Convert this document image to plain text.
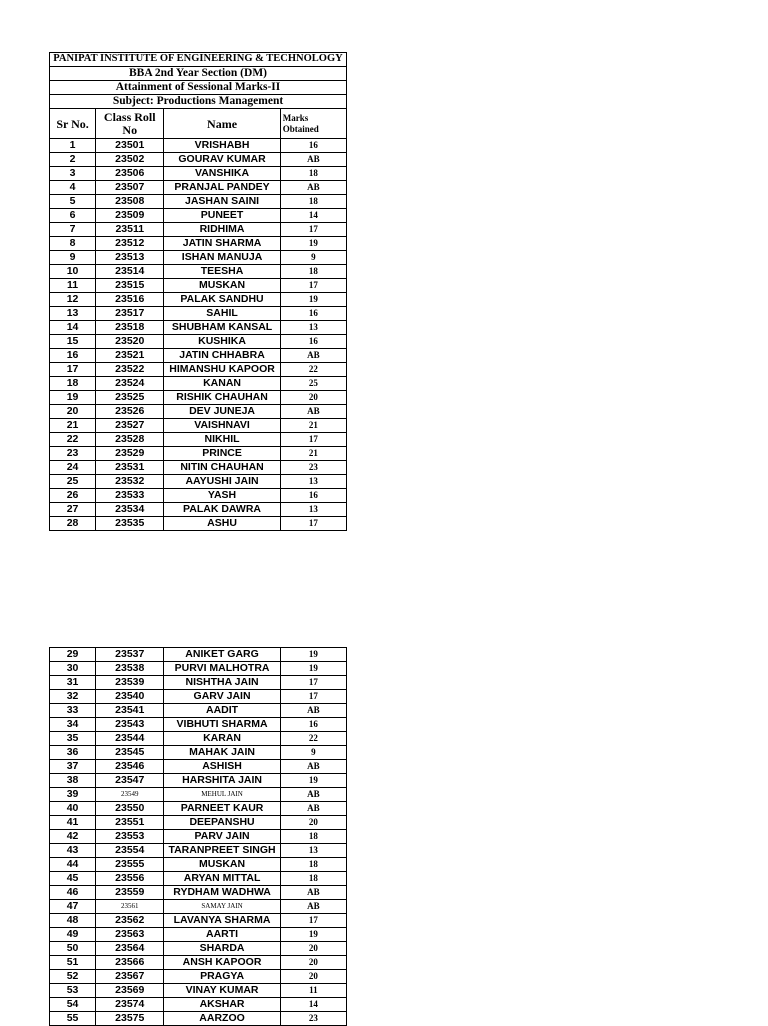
PANIPAT INSTITUTE OF ENGINEERING & TECHNOLOGY			
BBA 2nd Year Section (DM)			
Attainment of Sessional Marks-II			
Subject: Productions Management			
Sr No.	Class Roll No	Name	Marks Obtained
1	23501	VRISHABH	16
2	23502	GOURAV KUMAR	AB
3	23506	VANSHIKA	18
4	23507	PRANJAL PANDEY	AB
5	23508	JASHAN SAINI	18
6	23509	PUNEET	14
7	23511	RIDHIMA	17
8	23512	JATIN SHARMA	19
9	23513	ISHAN MANUJA	9
10	23514	TEESHA	18
11	23515	MUSKAN	17
12	23516	PALAK SANDHU	19
13	23517	SAHIL	16
14	23518	SHUBHAM KANSAL	13
15	23520	KUSHIKA	16
16	23521	JATIN CHHABRA	AB
17	23522	HIMANSHU KAPOOR	22
18	23524	KANAN	25
19	23525	RISHIK CHAUHAN	20
20	23526	DEV JUNEJA	AB
21	23527	VAISHNAVI	21
22	23528	NIKHIL	17
23	23529	PRINCE	21
24	23531	NITIN CHAUHAN	23
25	23532	AAYUSHI JAIN	13
26	23533	YASH	16
27	23534	PALAK DAWRA	13
28	23535	ASHU	17
29	23537	ANIKET GARG	19
30	23538	PURVI MALHOTRA	19
31	23539	NISHTHA JAIN	17
32	23540	GARV JAIN	17
33	23541	AADIT	AB
34	23543	VIBHUTI SHARMA	16
35	23544	KARAN	22
36	23545	MAHAK JAIN	9
37	23546	ASHISH	AB
38	23547	HARSHITA JAIN	19
39	23549	MEHUL JAIN	AB
40	23550	PARNEET KAUR	AB
41	23551	DEEPANSHU	20
42	23553	PARV JAIN	18
43	23554	TARANPREET SINGH	13
44	23555	MUSKAN	18
45	23556	ARYAN MITTAL	18
46	23559	RYDHAM WADHWA	AB
47	23561	SAMAY JAIN	AB
48	23562	LAVANYA SHARMA	17
49	23563	AARTI	19
50	23564	SHARDA	20
51	23566	ANSH KAPOOR	20
52	23567	PRAGYA	20
53	23569	VINAY KUMAR	11
54	23574	AKSHAR	14
55	23575	AARZOO	23
